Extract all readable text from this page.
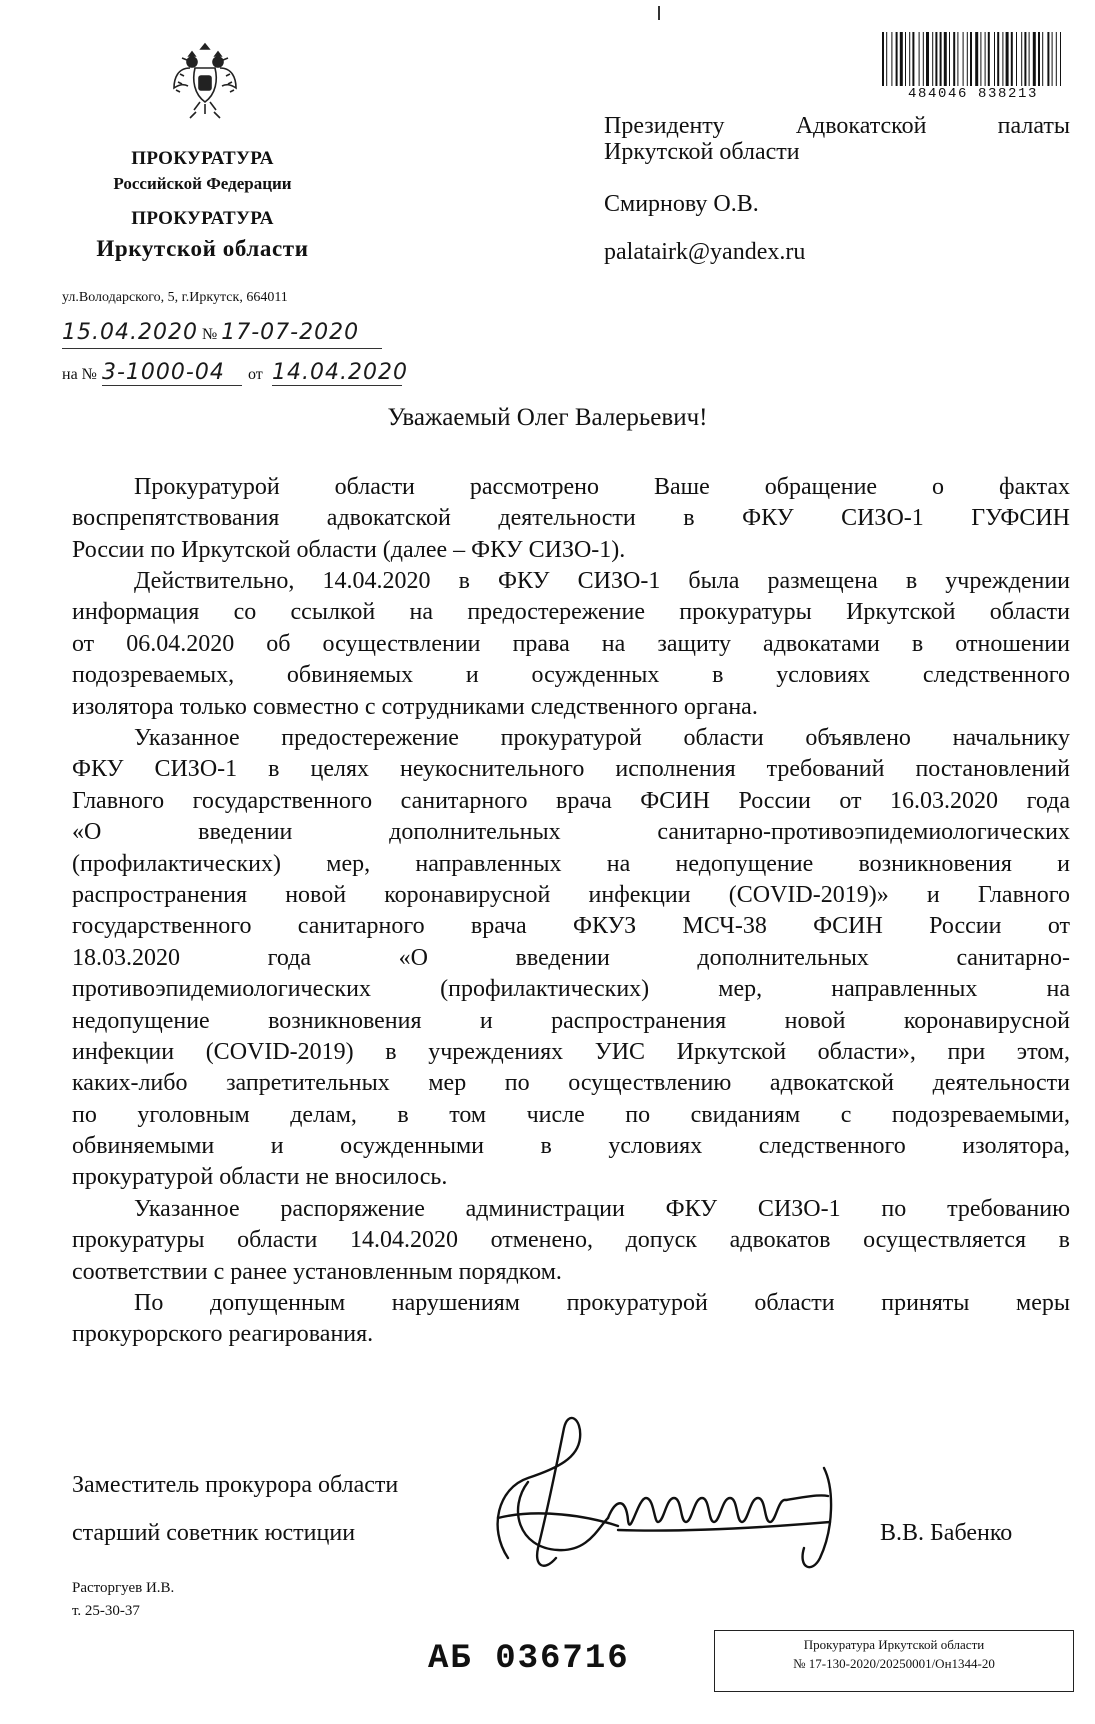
ПРОКУРАТУРА
Российской Федерации
ПРОКУРАТУРА
Иркутской области
ул.Володарского, 5, г.Иркутск, 664011
15.04.2020 № 17-07-2020
на № 3-1000-04	от 14.04.2020
484046 838213
Президенту Адвокатской палаты
Иркутской области
Смирнову О.В.
palatairk@yandex.ru
Уважаемый Олег Валерьевич!
Прокуратурой области рассмотрено Ваше обращение о фактах
воспрепятствования адвокатской деятельности в ФКУ СИЗО-1 ГУФСИН
России по Иркутской области (далее – ФКУ СИЗО-1).
Действительно, 14.04.2020 в ФКУ СИЗО-1 была размещена в учреждении
информация со ссылкой на предостережение прокуратуры Иркутской области
от 06.04.2020 об осуществлении права на защиту адвокатами в отношении
подозреваемых, обвиняемых и осужденных в условиях следственного
изолятора только совместно с сотрудниками следственного органа.
Указанное предостережение прокуратурой области объявлено начальнику
ФКУ СИЗО-1 в целях неукоснительного исполнения требований постановлений
Главного государственного санитарного врача ФСИН России от 16.03.2020 года
«О введении дополнительных санитарно-противоэпидемиологических
(профилактических) мер, направленных на недопущение возникновения и
распространения новой коронавирусной инфекции (COVID-2019)» и Главного
государственного санитарного врача ФКУЗ МСЧ-38 ФСИН России от
18.03.2020 года «О введении дополнительных санитарно-
противоэпидемиологических (профилактических) мер, направленных на
недопущение возникновения и распространения новой коронавирусной
инфекции (COVID-2019) в учреждениях УИС Иркутской области», при этом,
каких-либо запретительных мер по осуществлению адвокатской деятельности
по уголовным делам, в том числе по свиданиям с подозреваемыми,
обвиняемыми и осужденными в условиях следственного изолятора,
прокуратурой области не вносилось.
Указанное распоряжение администрации ФКУ СИЗО-1 по требованию
прокуратуры области 14.04.2020 отменено, допуск адвокатов осуществляется в
соответствии с ранее установленным порядком.
По допущенным нарушениям прокуратурой области приняты меры
прокурорского реагирования.
Заместитель прокурора области
старший советник юстиции	В.В. Бабенко
Расторгуев И.В.
т. 25-30-37
АБ 036716	Прокуратура Иркутской области
№ 17-130-2020/20250001/Он1344-20
